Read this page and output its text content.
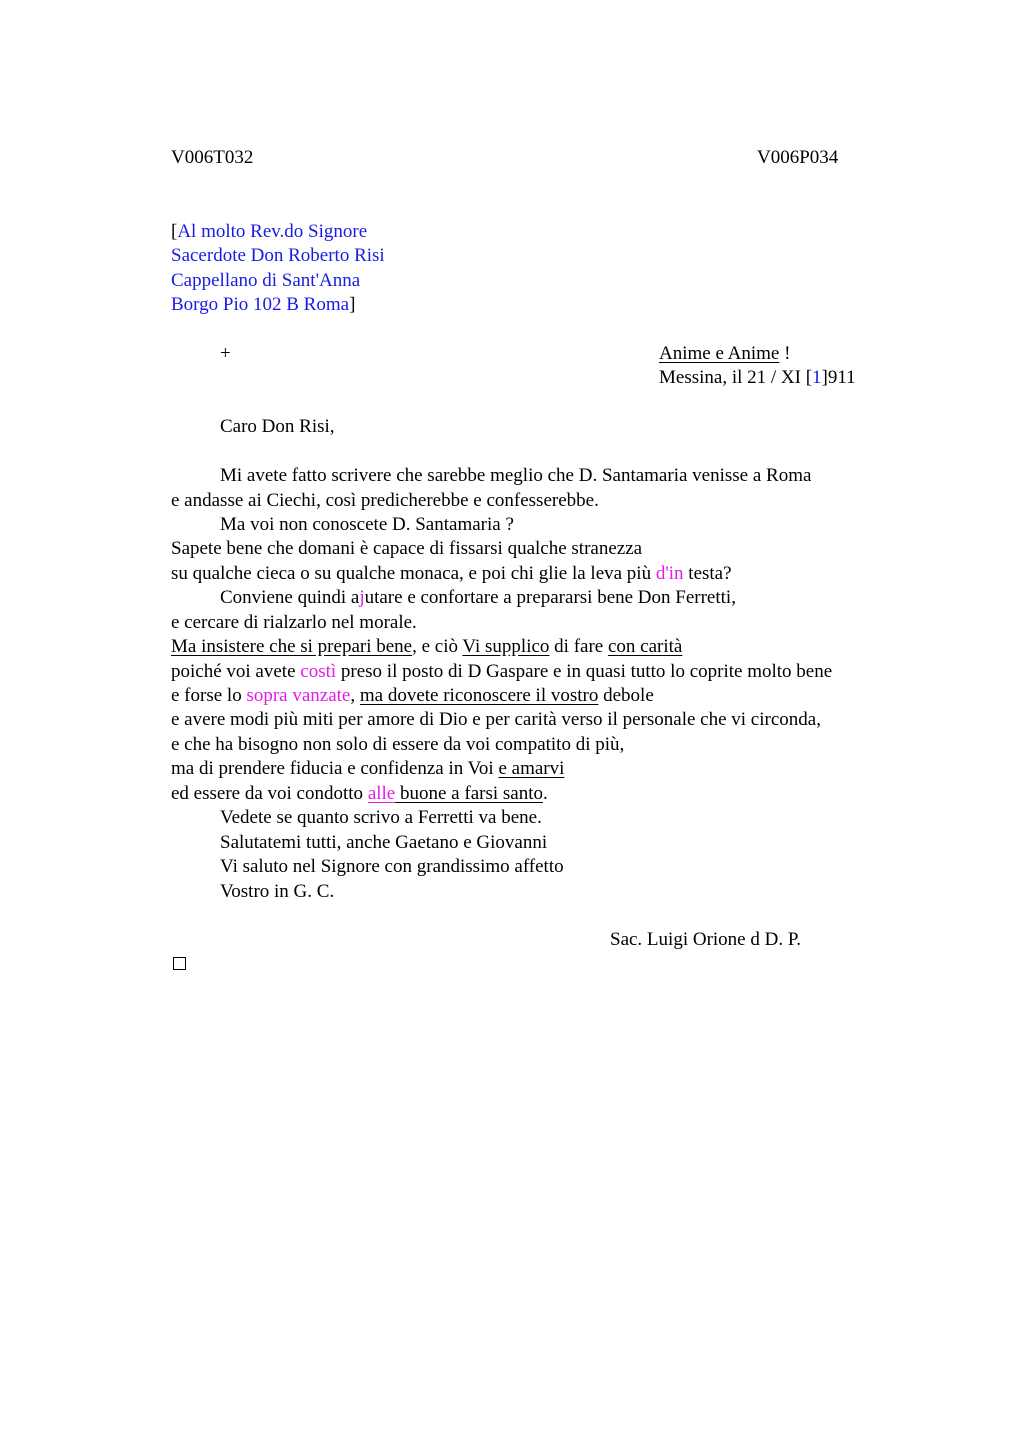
V006T032	V006P034
[Al molto Rev.do Signore
Sacerdote Don Roberto Risi
Cappellano di Sant'Anna
Borgo Pio 102 B Roma]
+	Anime e Anime !
Messina, il 21 / XI [1]911
Caro Don Risi,
Mi avete fatto scrivere che sarebbe meglio che D. Santamaria venisse a Roma
e andasse ai Ciechi, così predicherebbe e confesserebbe.
Ma voi non conoscete D. Santamaria ?
Sapete bene che domani è capace di fissarsi qualche stranezza
su qualche cieca o su qualche monaca, e poi chi glie la leva più d'in testa?
Conviene quindi ajutare e confortare a prepararsi bene Don Ferretti,
e cercare di rialzarlo nel morale.
Ma insistere che si prepari bene, e ciò Vi supplico di fare con carità
poiché voi avete costì preso il posto di D Gaspare e in quasi tutto lo coprite molto bene
e forse lo sopra vanzate, ma dovete riconoscere il vostro debole
e avere modi più miti per amore di Dio e per carità verso il personale che vi circonda,
e che ha bisogno non solo di essere da voi compatito di più,
ma di prendere fiducia e confidenza in Voi e amarvi
ed essere da voi condotto alle buone a farsi santo.
Vedete se quanto scrivo a Ferretti va bene.
Salutatemi tutti, anche Gaetano e Giovanni
Vi saluto nel Signore con grandissimo affetto
Vostro in G. C.
Sac. Luigi Orione d D. P.
